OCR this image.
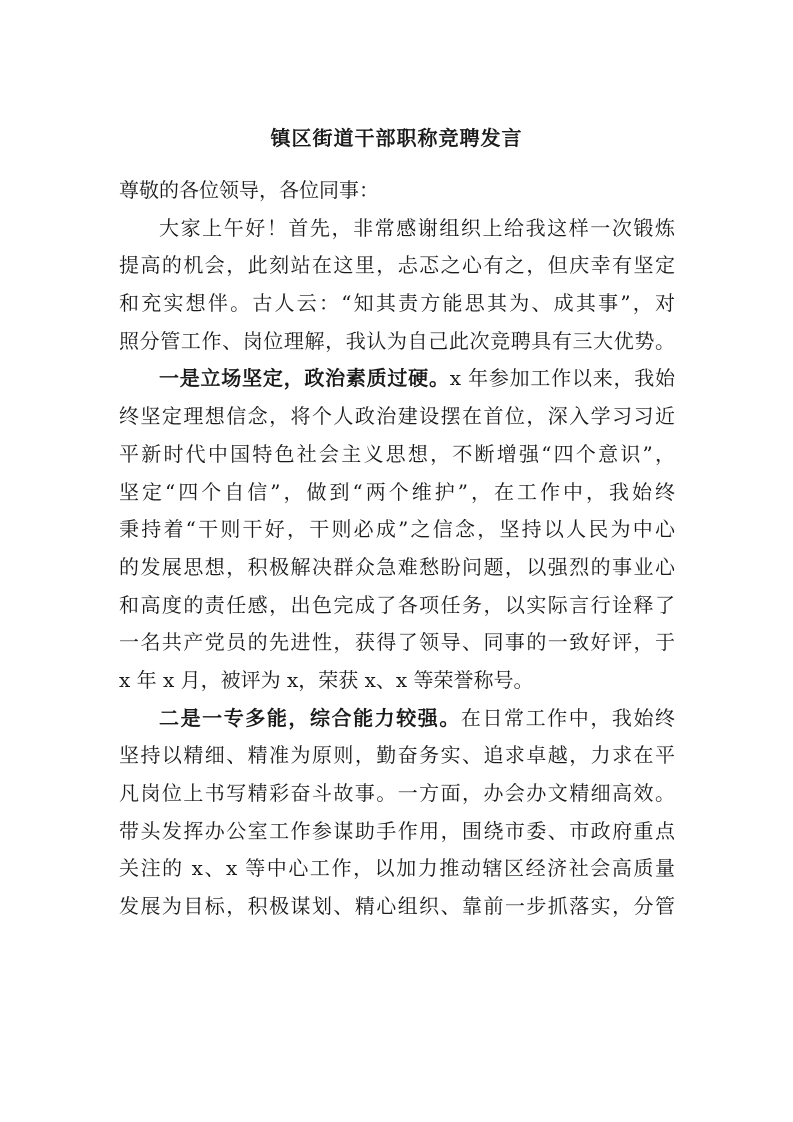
镇区街道干部职称竞聘发言
尊敬的各位领导，各位同事：
大家上午好！首先，非常感谢组织上给我这样一次锻炼
提高的机会，此刻站在这里，忐忑之心有之，但庆幸有坚定
和充实想伴。古人云：“知其责方能思其为、成其事”，对
照分管工作、岗位理解，我认为自己此次竞聘具有三大优势。
一是立场坚定，政治素质过硬。x 年参加工作以来，我始
终坚定理想信念，将个人政治建设摆在首位，深入学习习近
平新时代中国特色社会主义思想，不断增强“四个意识”，
坚定“四个自信”，做到“两个维护”，在工作中，我始终
秉持着“干则干好，干则必成”之信念，坚持以人民为中心
的发展思想，积极解决群众急难愁盼问题，以强烈的事业心
和高度的责任感，出色完成了各项任务，以实际言行诠释了
一名共产党员的先进性，获得了领导、同事的一致好评，于
x 年 x 月，被评为 x，荣获 x、x 等荣誉称号。
二是一专多能，综合能力较强。在日常工作中，我始终
坚持以精细、精准为原则，勤奋务实、追求卓越，力求在平
凡岗位上书写精彩奋斗故事。一方面，办会办文精细高效。
带头发挥办公室工作参谋助手作用，围绕市委、市政府重点
关注的 x、x 等中心工作，以加力推动辖区经济社会高质量
发展为目标，积极谋划、精心组织、靠前一步抓落实，分管
